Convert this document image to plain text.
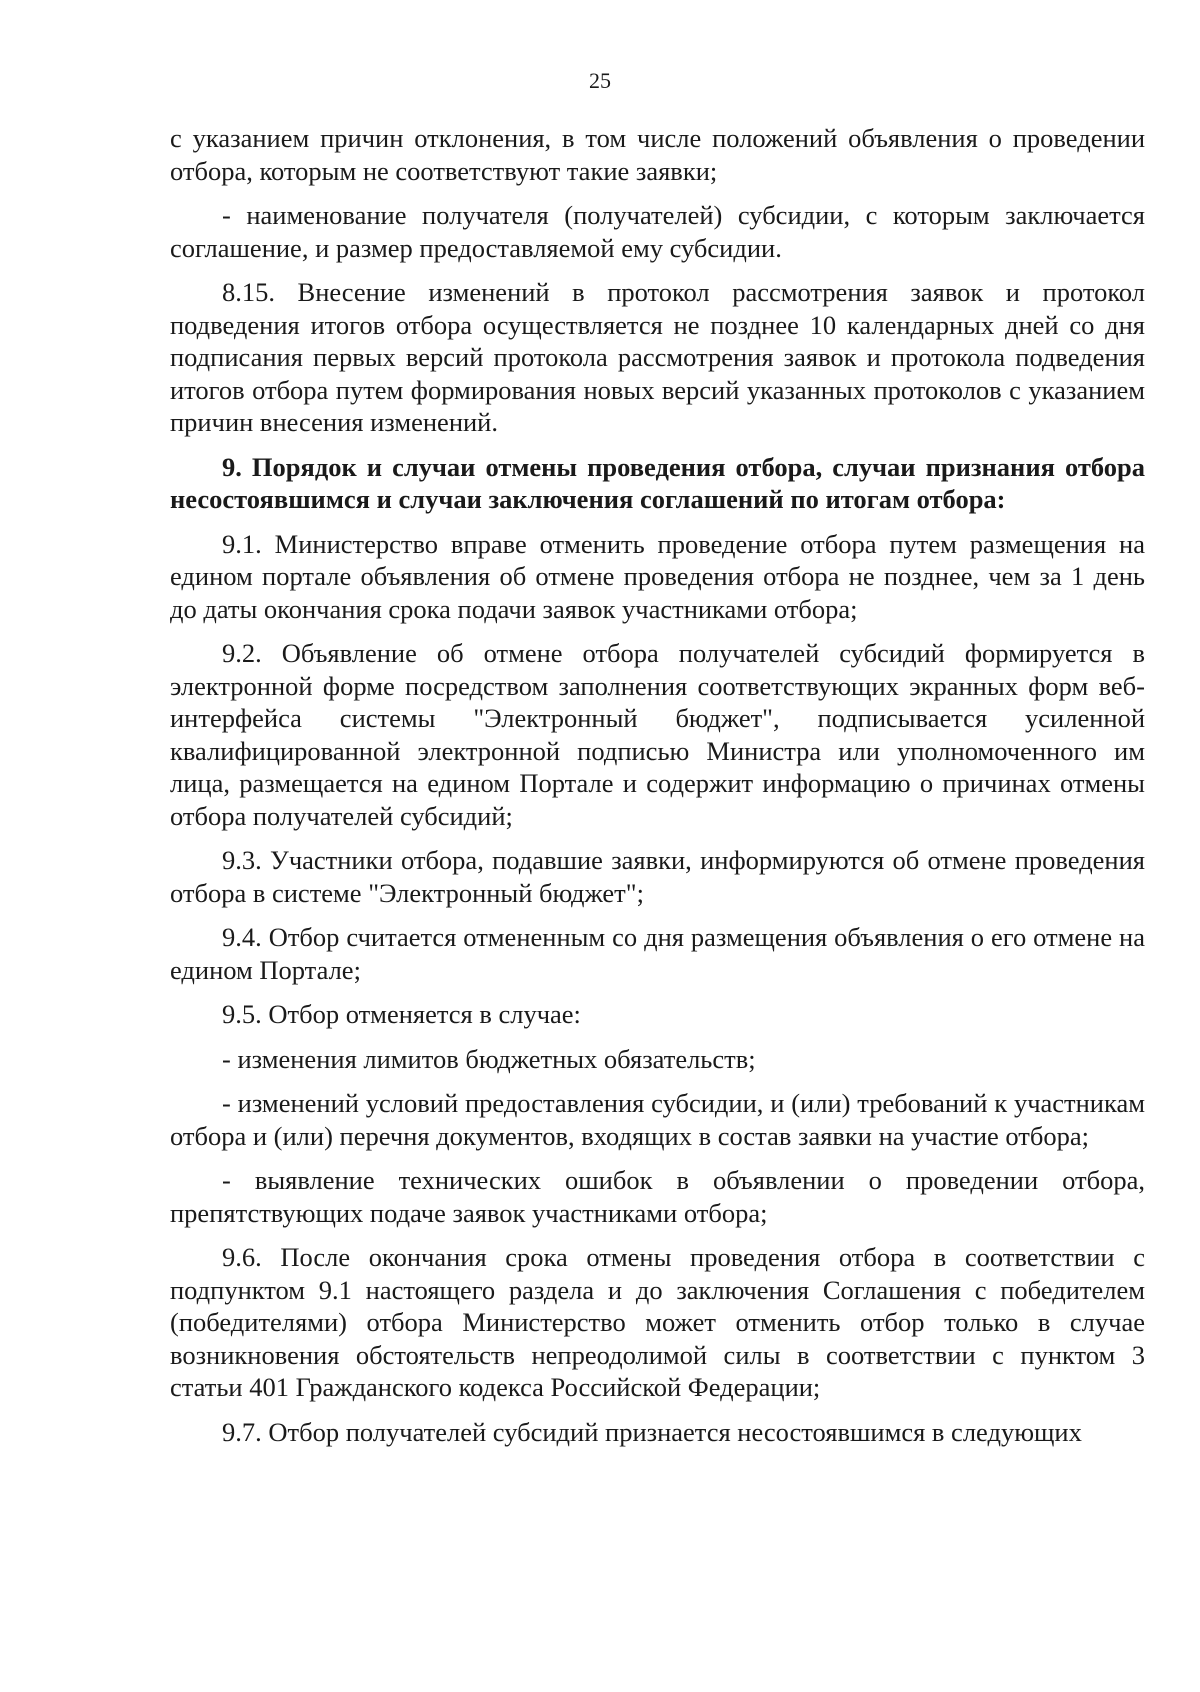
25

с указанием причин отклонения, в том числе положений объявления о проведении отбора, которым не соответствуют такие заявки;

- наименование получателя (получателей) субсидии, с которым заключается соглашение, и размер предоставляемой ему субсидии.

8.15. Внесение изменений в протокол рассмотрения заявок и протокол подведения итогов отбора осуществляется не позднее 10 календарных дней со дня подписания первых версий протокола рассмотрения заявок и протокола подведения итогов отбора путем формирования новых версий указанных протоколов с указанием причин внесения изменений.

9. Порядок и случаи отмены проведения отбора, случаи признания отбора несостоявшимся и случаи заключения соглашений по итогам отбора:

9.1. Министерство вправе отменить проведение отбора путем размещения на едином портале объявления об отмене проведения отбора не позднее, чем за 1 день до даты окончания срока подачи заявок участниками отбора;

9.2. Объявление об отмене отбора получателей субсидий формируется в электронной форме посредством заполнения соответствующих экранных форм веб-интерфейса системы "Электронный бюджет", подписывается усиленной квалифицированной электронной подписью Министра или уполномоченного им лица, размещается на едином Портале и содержит информацию о причинах отмены отбора получателей субсидий;

9.3. Участники отбора, подавшие заявки, информируются об отмене проведения отбора в системе "Электронный бюджет";

9.4. Отбор считается отмененным со дня размещения объявления о его отмене на едином Портале;

9.5. Отбор отменяется в случае:

- изменения лимитов бюджетных обязательств;

- изменений условий предоставления субсидии, и (или) требований к участникам отбора и (или) перечня документов, входящих в состав заявки на участие отбора;

- выявление технических ошибок в объявлении о проведении отбора, препятствующих подаче заявок участниками отбора;

9.6. После окончания срока отмены проведения отбора в соответствии с подпунктом 9.1 настоящего раздела и до заключения Соглашения с победителем (победителями) отбора Министерство может отменить отбор только в случае возникновения обстоятельств непреодолимой силы в соответствии с пунктом 3 статьи 401 Гражданского кодекса Российской Федерации;

9.7. Отбор получателей субсидий признается несостоявшимся в следующих
